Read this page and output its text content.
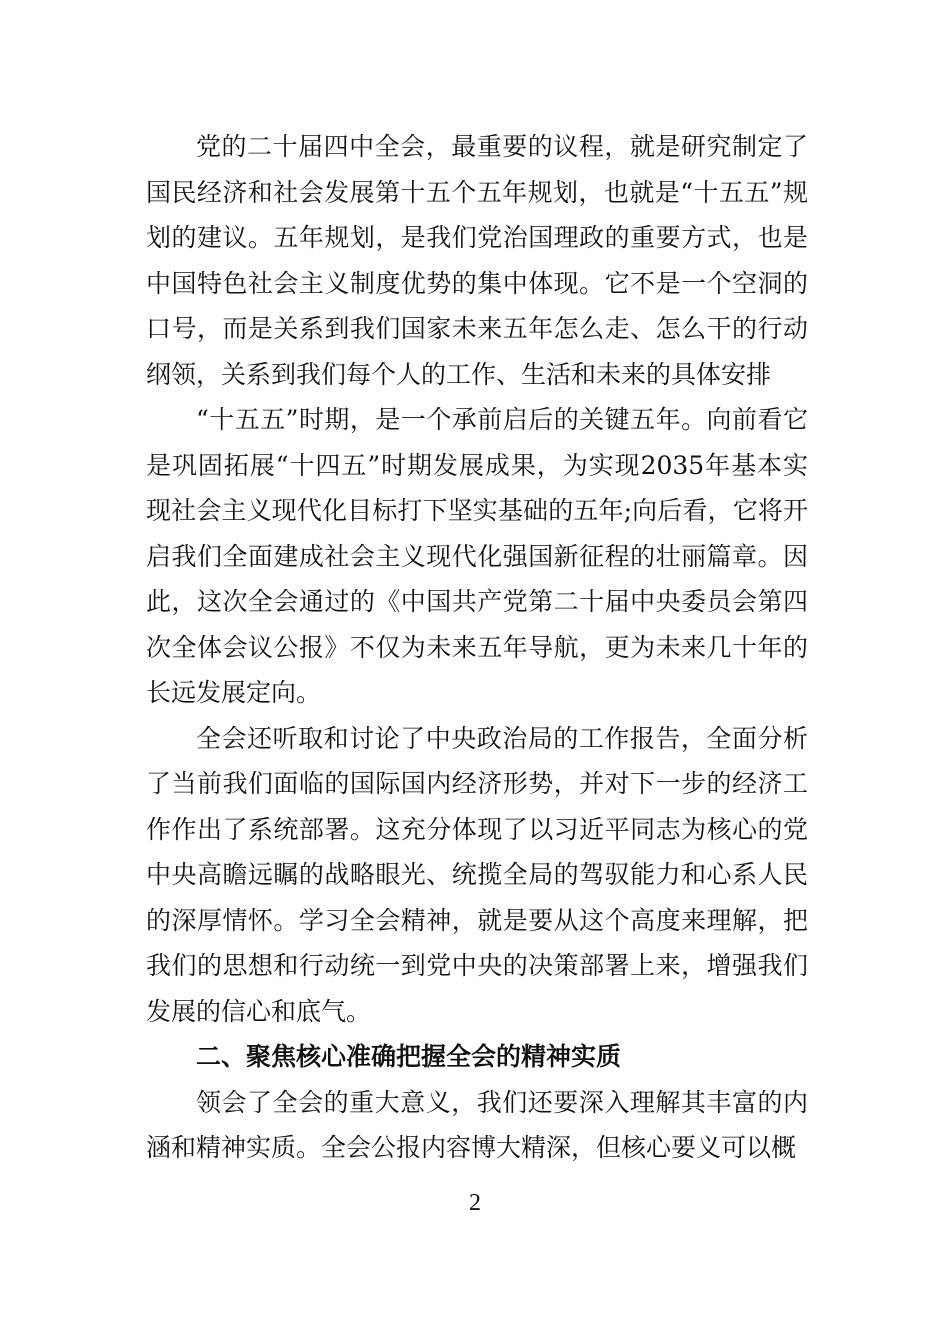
党的二十届四中全会，最重要的议程，就是研究制定了国民经济和社会发展第十五个五年规划，也就是“十五五”规划的建议。五年规划，是我们党治国理政的重要方式，也是中国特色社会主义制度优势的集中体现。它不是一个空洞的口号，而是关系到我们国家未来五年怎么走、怎么干的行动纲领，关系到我们每个人的工作、生活和未来的具体安排

“十五五”时期，是一个承前启后的关键五年。向前看它是巩固拓展“十四五”时期发展成果，为实现2035年基本实现社会主义现代化目标打下坚实基础的五年;向后看，它将开启我们全面建成社会主义现代化强国新征程的壮丽篇章。因此，这次全会通过的《中国共产党第二十届中央委员会第四次全体会议公报》不仅为未来五年导航，更为未来几十年的长远发展定向。

全会还听取和讨论了中央政治局的工作报告，全面分析了当前我们面临的国际国内经济形势，并对下一步的经济工作作出了系统部署。这充分体现了以习近平同志为核心的党中央高瞻远瞩的战略眼光、统揽全局的驾驭能力和心系人民的深厚情怀。学习全会精神，就是要从这个高度来理解，把我们的思想和行动统一到党中央的决策部署上来，增强我们发展的信心和底气。

二、聚焦核心准确把握全会的精神实质

领会了全会的重大意义，我们还要深入理解其丰富的内涵和精神实质。全会公报内容博大精深，但核心要义可以概

2
